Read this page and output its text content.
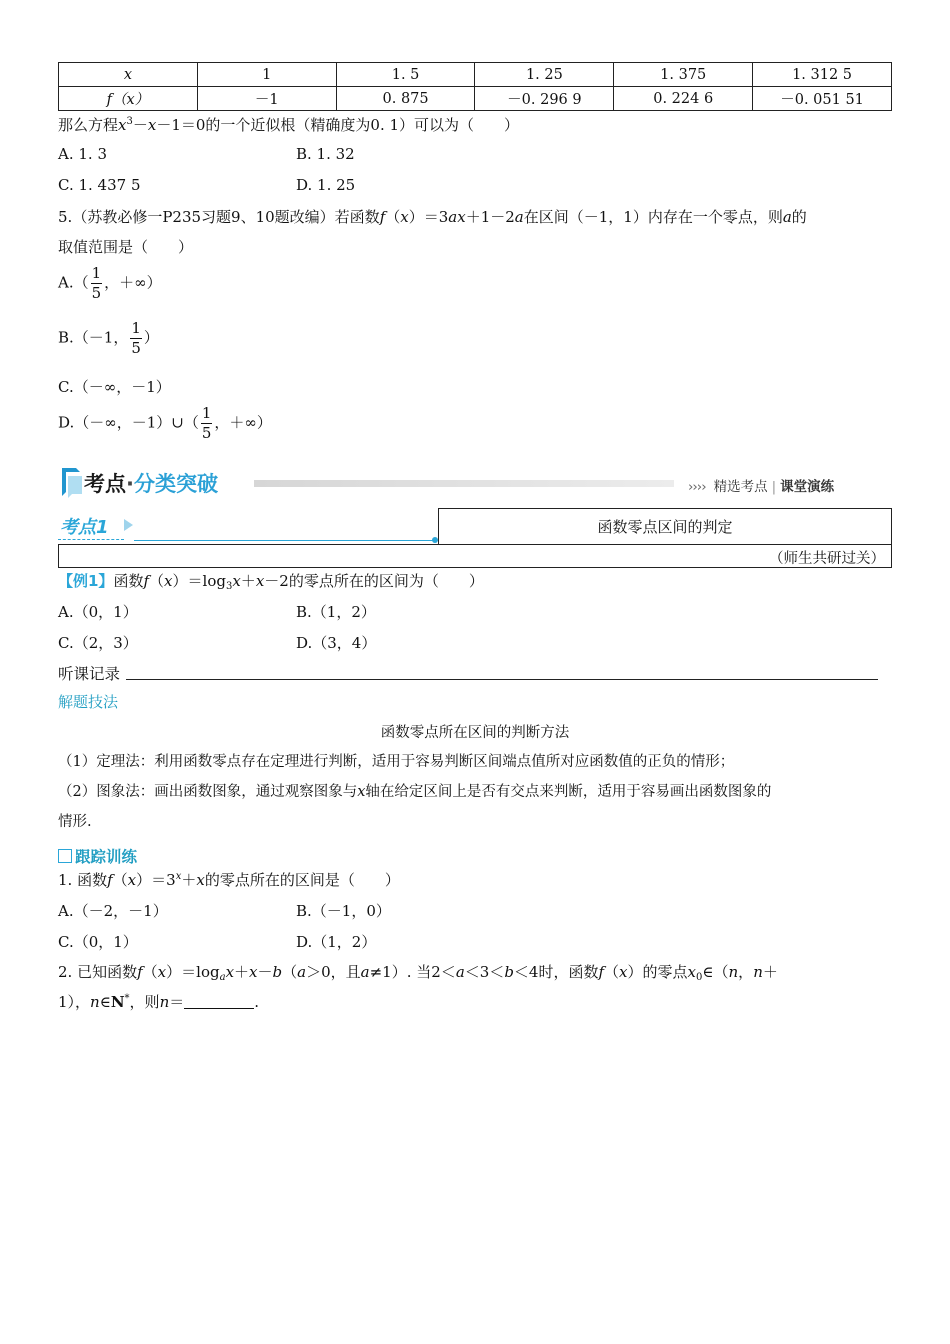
x	1	1. 5	1. 25	1. 375	1. 312 5
f（x）	－1	0. 875	－0. 296 9	0. 224 6	－0. 051 51
那么方程$x^3-x-1=0$的一个近似根（精确度为0. 1）可以为（　　）
A. 1. 3	B. 1. 32
C. 1. 437 5	D. 1. 25
5.（苏教必修一P235习题9、10题改编）若函数f（x）＝3ax＋1－2a在区间（－1，1）内存在一个零点，则a的
取值范围是（　　）
$A.( \frac{1}{5}$ ，＋∞）
B.（－1， $\frac{1}{5}$ ）
C.（－∞，－1）
D.（－∞，－1）∪（ $\frac{1}{5}$ ，＋∞）
考点·分类突破	›››› 精选考点 | 课堂演练
考点1	函数零点区间的判定
（师生共研过关）
【例1】函数$f(x)=\log_3x+x-2$的零点所在的区间为（　　）
A.（0，1）	B.（1，2）
C.（2，3）	D.（3，4）
听课记录
解题技法
函数零点所在区间的判断方法
（1）定理法：利用函数零点存在定理进行判断，适用于容易判断区间端点值所对应函数值的正负的情形；
（2）图象法：画出函数图象，通过观察图象与x轴在给定区间上是否有交点来判断，适用于容易画出函数图象的
情形.
跟踪训练
1. 函数$f(x)=3^x+x$的零点所在的区间是（　　）
A.（－2，－1）	B.（－1，0）
C.（0，1）	D.（1，2）
2. 已知函数$f(x)=\log_ax+x-b(a>0$，且a≠1）. 当2＜a＜3＜b＜4时，函数f（x）的零点$x_0\in(n$，n＋
1），n∈N*，则n＝	.
